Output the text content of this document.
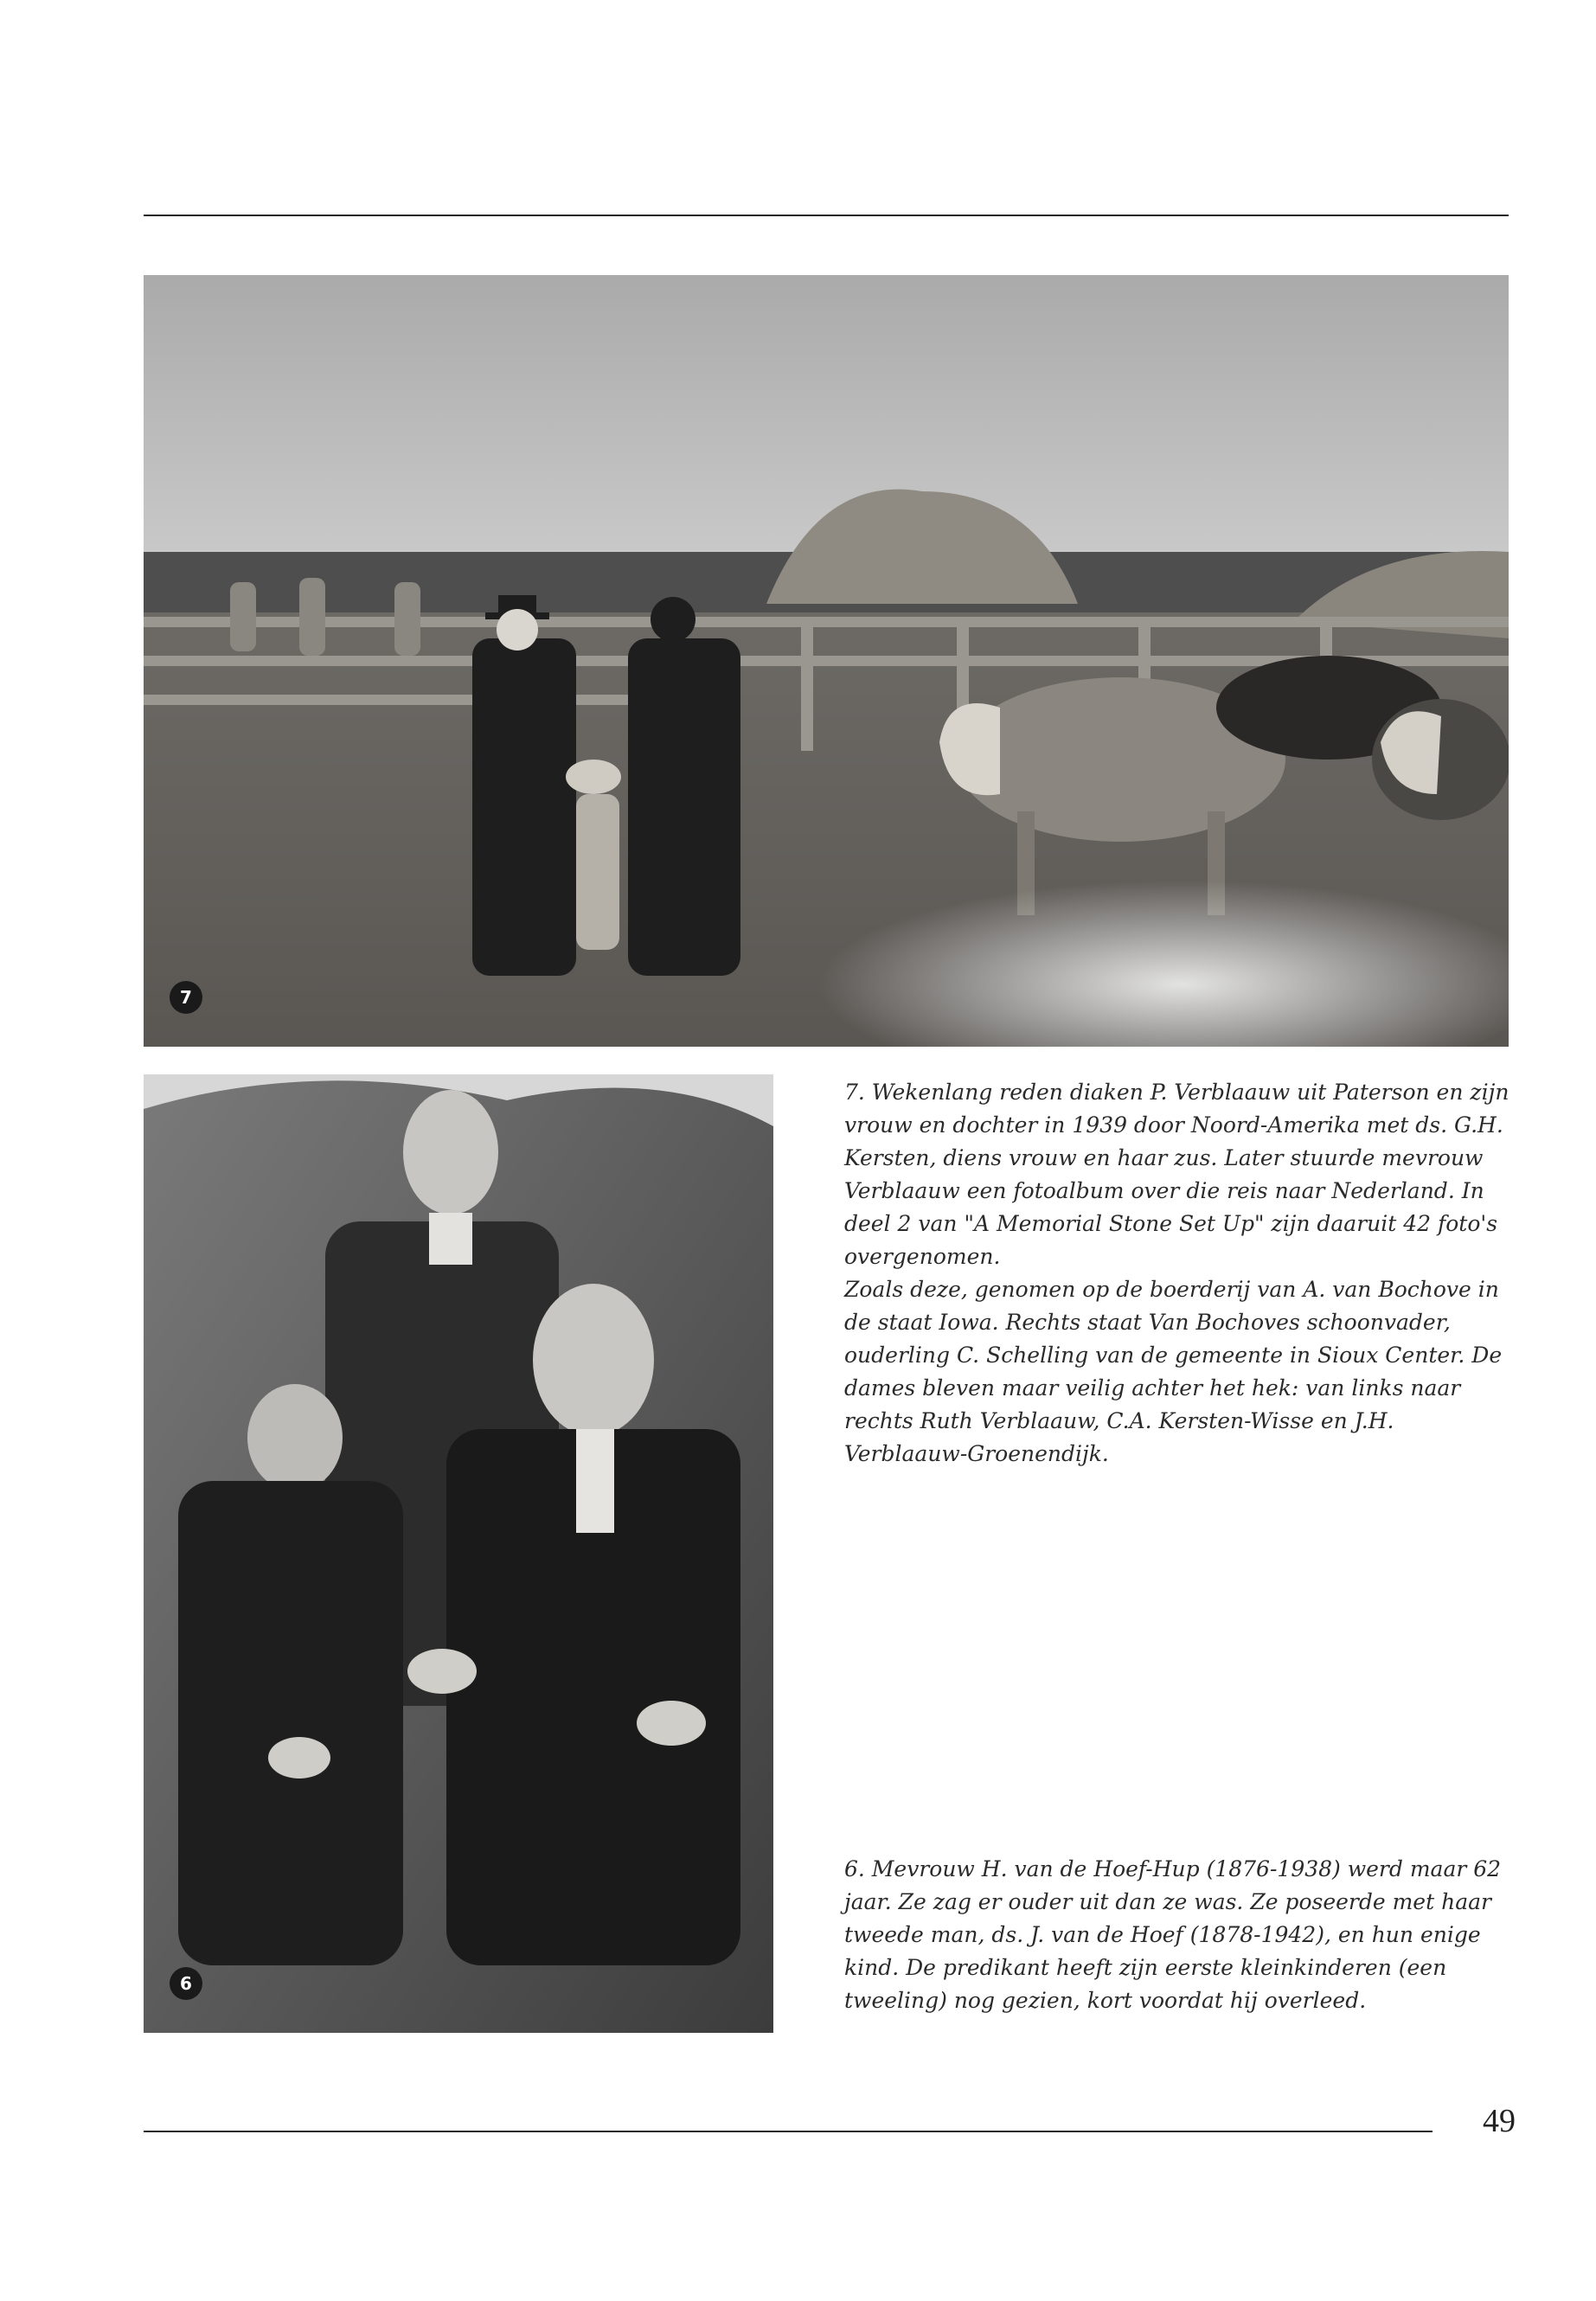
7
6

7. Wekenlang reden diaken P. Verblaauw uit Paterson en zijn vrouw en dochter in 1939 door Noord-Amerika met ds. G.H. Kersten, diens vrouw en haar zus. Later stuurde mevrouw Verblaauw een fotoalbum over die reis naar Nederland. In deel 2 van "A Memorial Stone Set Up" zijn daaruit 42 foto's overgenomen.

Zoals deze, genomen op de boerderij van A. van Bochove in de staat Iowa. Rechts staat Van Bochoves schoonvader, ouderling C. Schelling van de gemeente in Sioux Center. De dames bleven maar veilig achter het hek: van links naar rechts Ruth Verblaauw, C.A. Kersten-Wisse en J.H. Verblaauw-Groenendijk.

6. Mevrouw H. van de Hoef-Hup (1876-1938) werd maar 62 jaar. Ze zag er ouder uit dan ze was. Ze poseerde met haar tweede man, ds. J. van de Hoef (1878-1942), en hun enige kind. De predikant heeft zijn eerste kleinkinderen (een tweeling) nog gezien, kort voordat hij overleed.

49
